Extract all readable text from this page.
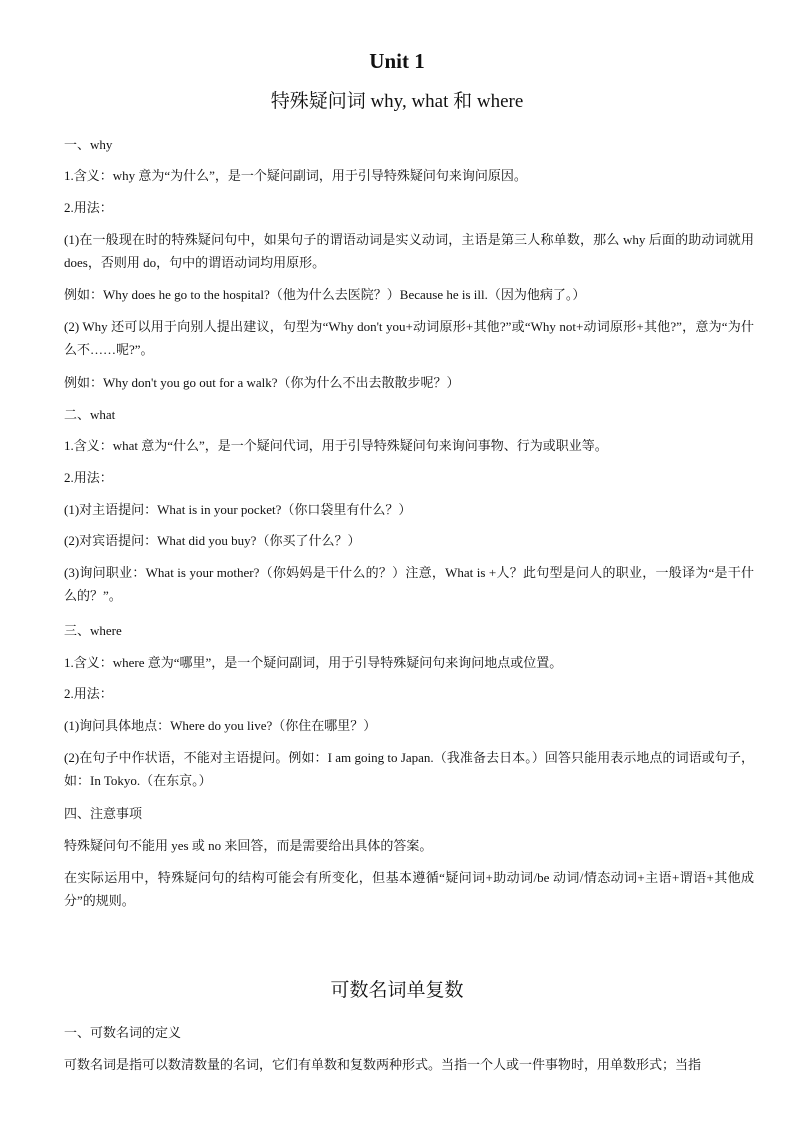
Unit 1
特殊疑问词 why, what 和 where
一、why
1.含义：why 意为“为什么”，是一个疑问副词，用于引导特殊疑问句来询问原因。
2.用法：
(1)在一般现在时的特殊疑问句中，如果句子的谓语动词是实义动词，主语是第三人称单数，那么 why 后面的助动词就用 does，否则用 do，句中的谓语动词均用原形。
例如：Why does he go to the hospital?（他为什么去医院？）Because he is ill.（因为他病了。）
(2) Why 还可以用于向别人提出建议，句型为“Why don't you+动词原形+其他?”或“Why not+动词原形+其他?”，意为“为什么不……呢?”。
例如：Why don't you go out for a walk?（你为什么不出去散散步呢？）
二、what
1.含义：what 意为“什么”，是一个疑问代词，用于引导特殊疑问句来询问事物、行为或职业等。
2.用法：
(1)对主语提问：What is in your pocket?（你口袋里有什么？）
(2)对宾语提问：What did you buy?（你买了什么？）
(3)询问职业：What is your mother?（你妈妈是干什么的？）注意，What is +人？此句型是问人的职业，一般译为“是干什么的？”。
三、where
1.含义：where 意为“哪里”，是一个疑问副词，用于引导特殊疑问句来询问地点或位置。
2.用法：
(1)询问具体地点：Where do you live?（你住在哪里？）
(2)在句子中作状语，不能对主语提问。例如：I am going to Japan.（我准备去日本。）回答只能用表示地点的词语或句子，如：In Tokyo.（在东京。）
四、注意事项
特殊疑问句不能用 yes 或 no 来回答，而是需要给出具体的答案。
在实际运用中，特殊疑问句的结构可能会有所变化，但基本遵循“疑问词+助动词/be 动词/情态动词+主语+谓语+其他成分”的规则。
可数名词单复数
一、可数名词的定义
可数名词是指可以数清数量的名词，它们有单数和复数两种形式。当指一个人或一件事物时，用单数形式；当指
